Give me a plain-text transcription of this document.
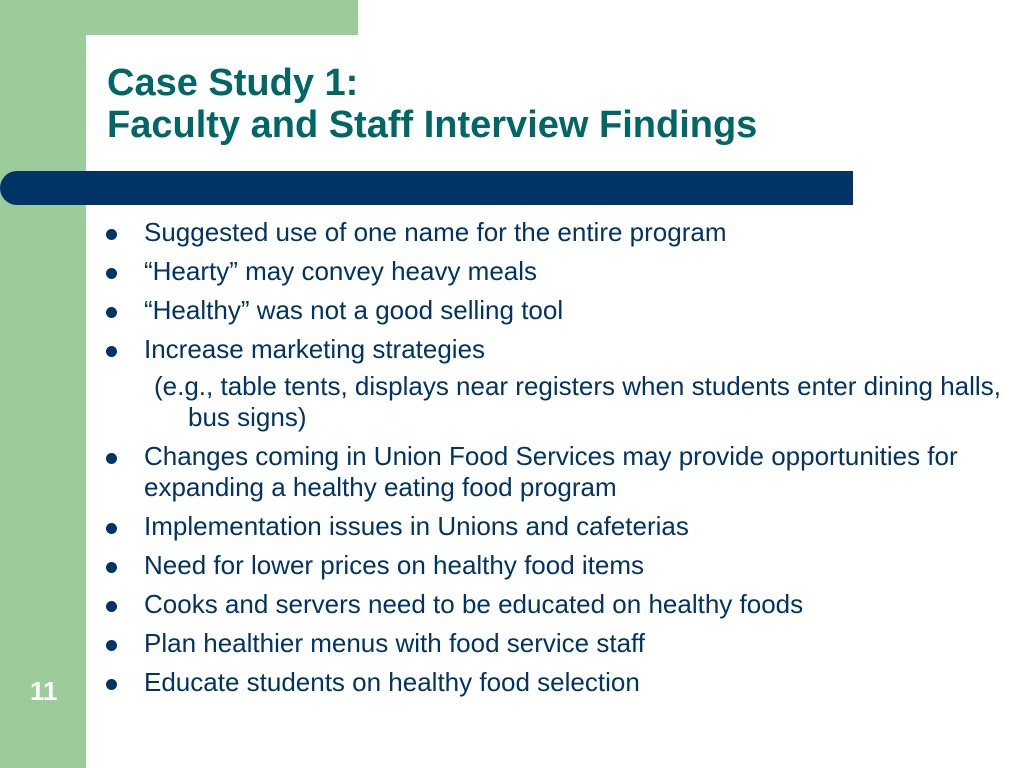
Case Study 1:
Faculty and Staff Interview Findings
Suggested use of one name for the entire program
“Hearty” may convey heavy meals
“Healthy” was not a good selling tool
Increase marketing strategies
(e.g., table tents, displays near registers when students enter dining halls, bus signs)
Changes coming in Union Food Services may provide opportunities for expanding a healthy eating food program
Implementation issues in Unions and cafeterias
Need for lower prices on healthy food items
Cooks and servers need to be educated on healthy foods
Plan healthier menus with food service staff
Educate students on healthy food selection
11
